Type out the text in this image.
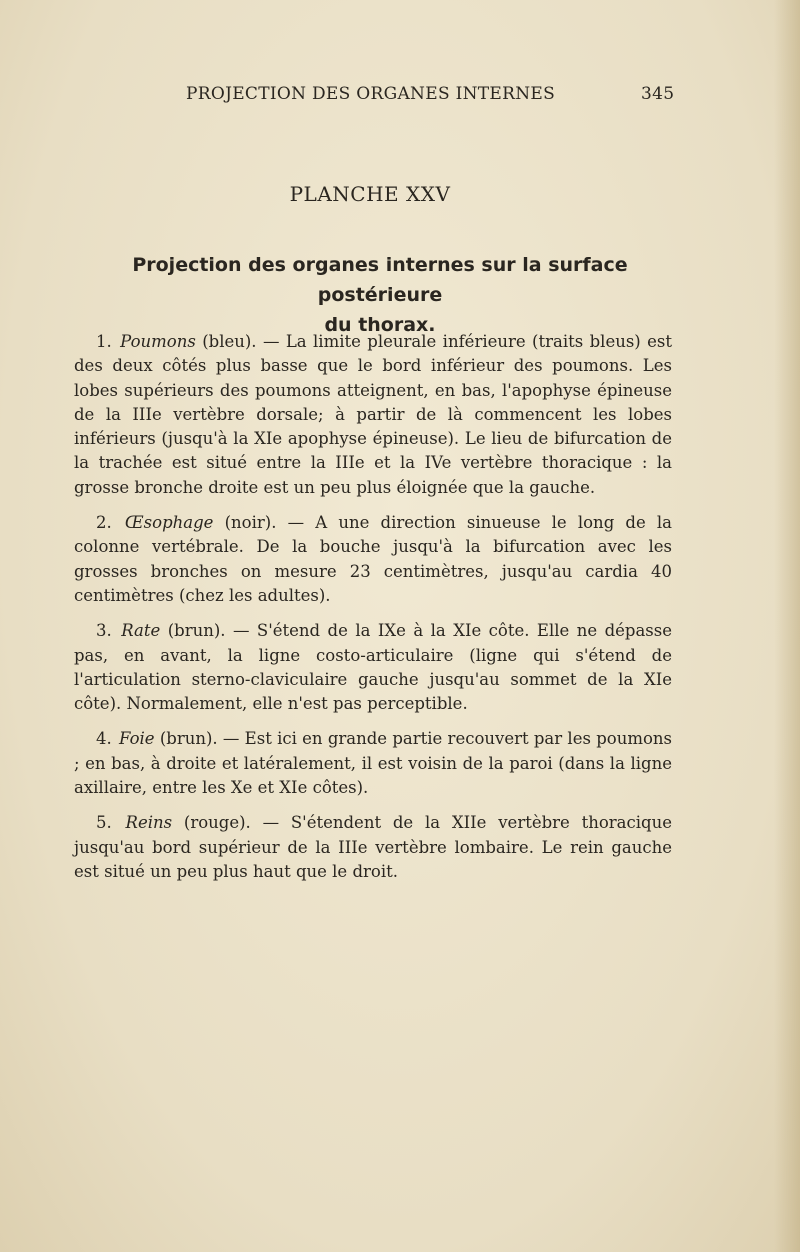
PROJECTION DES ORGANES INTERNES	345
PLANCHE XXV
Projection des organes internes sur la surface postérieure
du thorax.

1. Poumons (bleu). — La limite pleurale inférieure (traits bleus) est des deux côtés plus basse que le bord inférieur des poumons. Les lobes supérieurs des poumons atteignent, en bas, l'apophyse épineuse de la IIIe vertèbre dorsale; à partir de là commencent les lobes inférieurs (jusqu'à la XIe apophyse épineuse). Le lieu de bifurcation de la trachée est situé entre la IIIe et la IVe vertèbre thoracique : la grosse bronche droite est un peu plus éloignée que la gauche.

2. Œsophage (noir). — A une direction sinueuse le long de la colonne vertébrale. De la bouche jusqu'à la bifurcation avec les grosses bronches on mesure 23 centimètres, jusqu'au cardia 40 centimètres (chez les adultes).

3. Rate (brun). — S'étend de la IXe à la XIe côte. Elle ne dépasse pas, en avant, la ligne costo-articulaire (ligne qui s'étend de l'articulation sterno-claviculaire gauche jusqu'au sommet de la XIe côte). Normalement, elle n'est pas perceptible.

4. Foie (brun). — Est ici en grande partie recouvert par les poumons ; en bas, à droite et latéralement, il est voisin de la paroi (dans la ligne axillaire, entre les Xe et XIe côtes).

5. Reins (rouge). — S'étendent de la XIIe vertèbre thoracique jusqu'au bord supérieur de la IIIe vertèbre lombaire. Le rein gauche est situé un peu plus haut que le droit.
